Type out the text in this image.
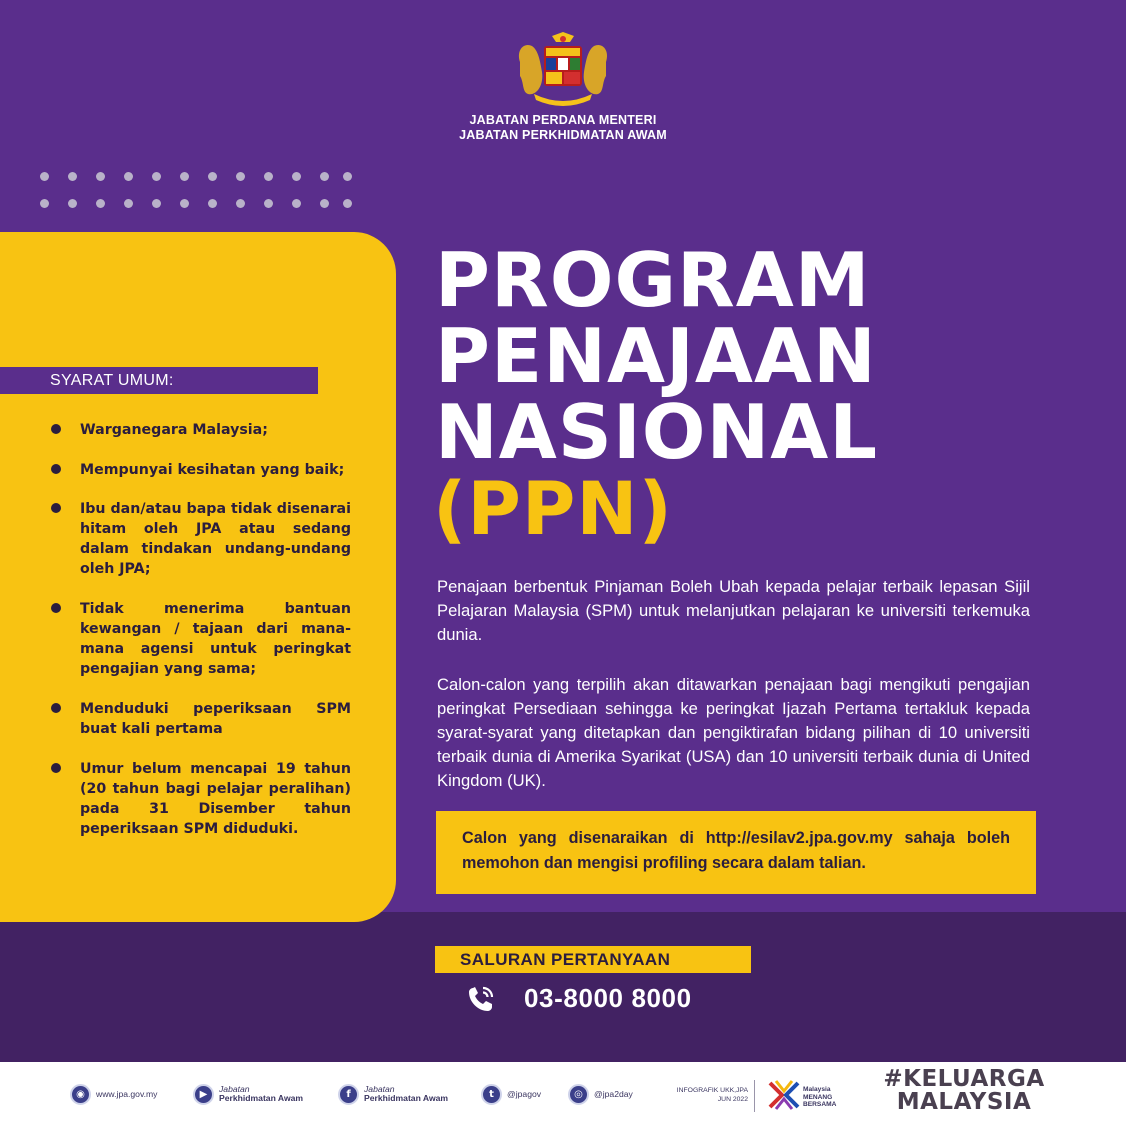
JABATAN PERDANA MENTERI
JABATAN PERKHIDMATAN AWAM
SYARAT UMUM:
Warganegara Malaysia;
Mempunyai kesihatan yang baik;
Ibu dan/atau bapa tidak disenarai hitam oleh JPA atau sedang dalam tindakan undang-undang oleh JPA;
Tidak menerima bantuan kewangan / tajaan dari mana-mana agensi untuk peringkat pengajian yang sama;
Menduduki peperiksaan SPM buat kali pertama
Umur belum mencapai 19 tahun (20 tahun bagi pelajar peralihan) pada 31 Disember tahun peperiksaan SPM diduduki.
PROGRAM
PENAJAAN
NASIONAL
(PPN)
Penajaan berbentuk Pinjaman Boleh Ubah kepada pelajar terbaik lepasan Sijil Pelajaran Malaysia (SPM) untuk melanjutkan pelajaran ke universiti terkemuka dunia.
Calon-calon yang terpilih akan ditawarkan penajaan bagi mengikuti pengajian peringkat Persediaan sehingga ke peringkat Ijazah Pertama tertakluk kepada syarat-syarat yang ditetapkan dan pengiktirafan bidang pilihan di 10 universiti terbaik dunia di Amerika Syarikat (USA) dan 10 universiti terbaik dunia di United Kingdom (UK).
Calon yang disenaraikan di http://esilav2.jpa.gov.my sahaja boleh memohon dan mengisi profiling secara dalam talian.
SALURAN PERTANYAAN
03-8000 8000
◉	www.jpa.gov.my	▶	Jabatan
Perkhidmatan Awam	f	Jabatan
Perkhidmatan Awam	t	@jpagov	◎	@jpa2day	INFOGRAFIK UKK,JPA
JUN 2022
Malaysia
MENANG
BERSAMA
#KELUARGA
MALAYSIA
